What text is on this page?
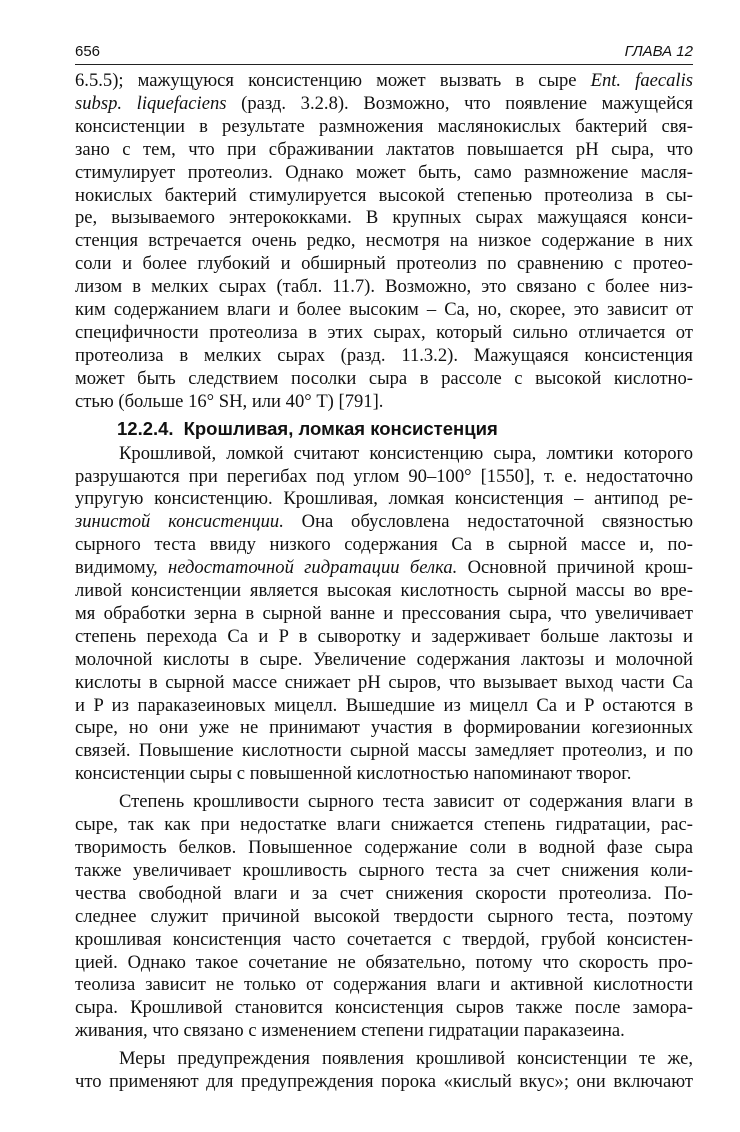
656	ГЛАВА 12

6.5.5); мажущуюся консистенцию может вызвать в сыре Ent. faecalis

subsp. liquefaciens (разд. 3.2.8). Возможно, что появление мажущейся

консистенции в результате размножения маслянокислых бактерий свя-

зано с тем, что при сбраживании лактатов повышается pH сыра, что

стимулирует протеолиз. Однако может быть, само размножение масля-

нокислых бактерий стимулируется высокой степенью протеолиза в сы-

ре, вызываемого энтерококками. В крупных сырах мажущаяся конси-

стенция встречается очень редко, несмотря на низкое содержание в них

соли и более глубокий и обширный протеолиз по сравнению с протео-

лизом в мелких сырах (табл. 11.7). Возможно, это связано с более низ-

ким содержанием влаги и более высоким – Ca, но, скорее, это зависит от

специфичности протеолиза в этих сырах, который сильно отличается от

протеолиза в мелких сырах (разд. 11.3.2). Мажущаяся консистенция

может быть следствием посолки сыра в рассоле с высокой кислотно-

стью (больше 16° SH, или 40° T) [791].

12.2.4. Крошливая, ломкая консистенция

Крошливой, ломкой считают консистенцию сыра, ломтики которого

разрушаются при перегибах под углом 90–100° [1550], т. е. недостаточно

упругую консистенцию. Крошливая, ломкая консистенция – антипод ре-

зинистой консистенции. Она обусловлена недостаточной связностью

сырного теста ввиду низкого содержания Ca в сырной массе и, по-

видимому, недостаточной гидратации белка. Основной причиной крош-

ливой консистенции является высокая кислотность сырной массы во вре-

мя обработки зерна в сырной ванне и прессования сыра, что увеличивает

степень перехода Ca и P в сыворотку и задерживает больше лактозы и

молочной кислоты в сыре. Увеличение содержания лактозы и молочной

кислоты в сырной массе снижает pH сыров, что вызывает выход части Ca

и P из параказеиновых мицелл. Вышедшие из мицелл Ca и P остаются в

сыре, но они уже не принимают участия в формировании когезионных

связей. Повышение кислотности сырной массы замедляет протеолиз, и по

консистенции сыры с повышенной кислотностью напоминают творог.

Степень крошливости сырного теста зависит от содержания влаги в

сыре, так как при недостатке влаги снижается степень гидратации, рас-

творимость белков. Повышенное содержание соли в водной фазе сыра

также увеличивает крошливость сырного теста за счет снижения коли-

чества свободной влаги и за счет снижения скорости протеолиза. По-

следнее служит причиной высокой твердости сырного теста, поэтому

крошливая консистенция часто сочетается с твердой, грубой консистен-

цией. Однако такое сочетание не обязательно, потому что скорость про-

теолиза зависит не только от содержания влаги и активной кислотности

сыра. Крошливой становится консистенция сыров также после замора-

живания, что связано с изменением степени гидратации параказеина.

Меры предупреждения появления крошливой консистенции те же,

что применяют для предупреждения порока «кислый вкус»; они включают
